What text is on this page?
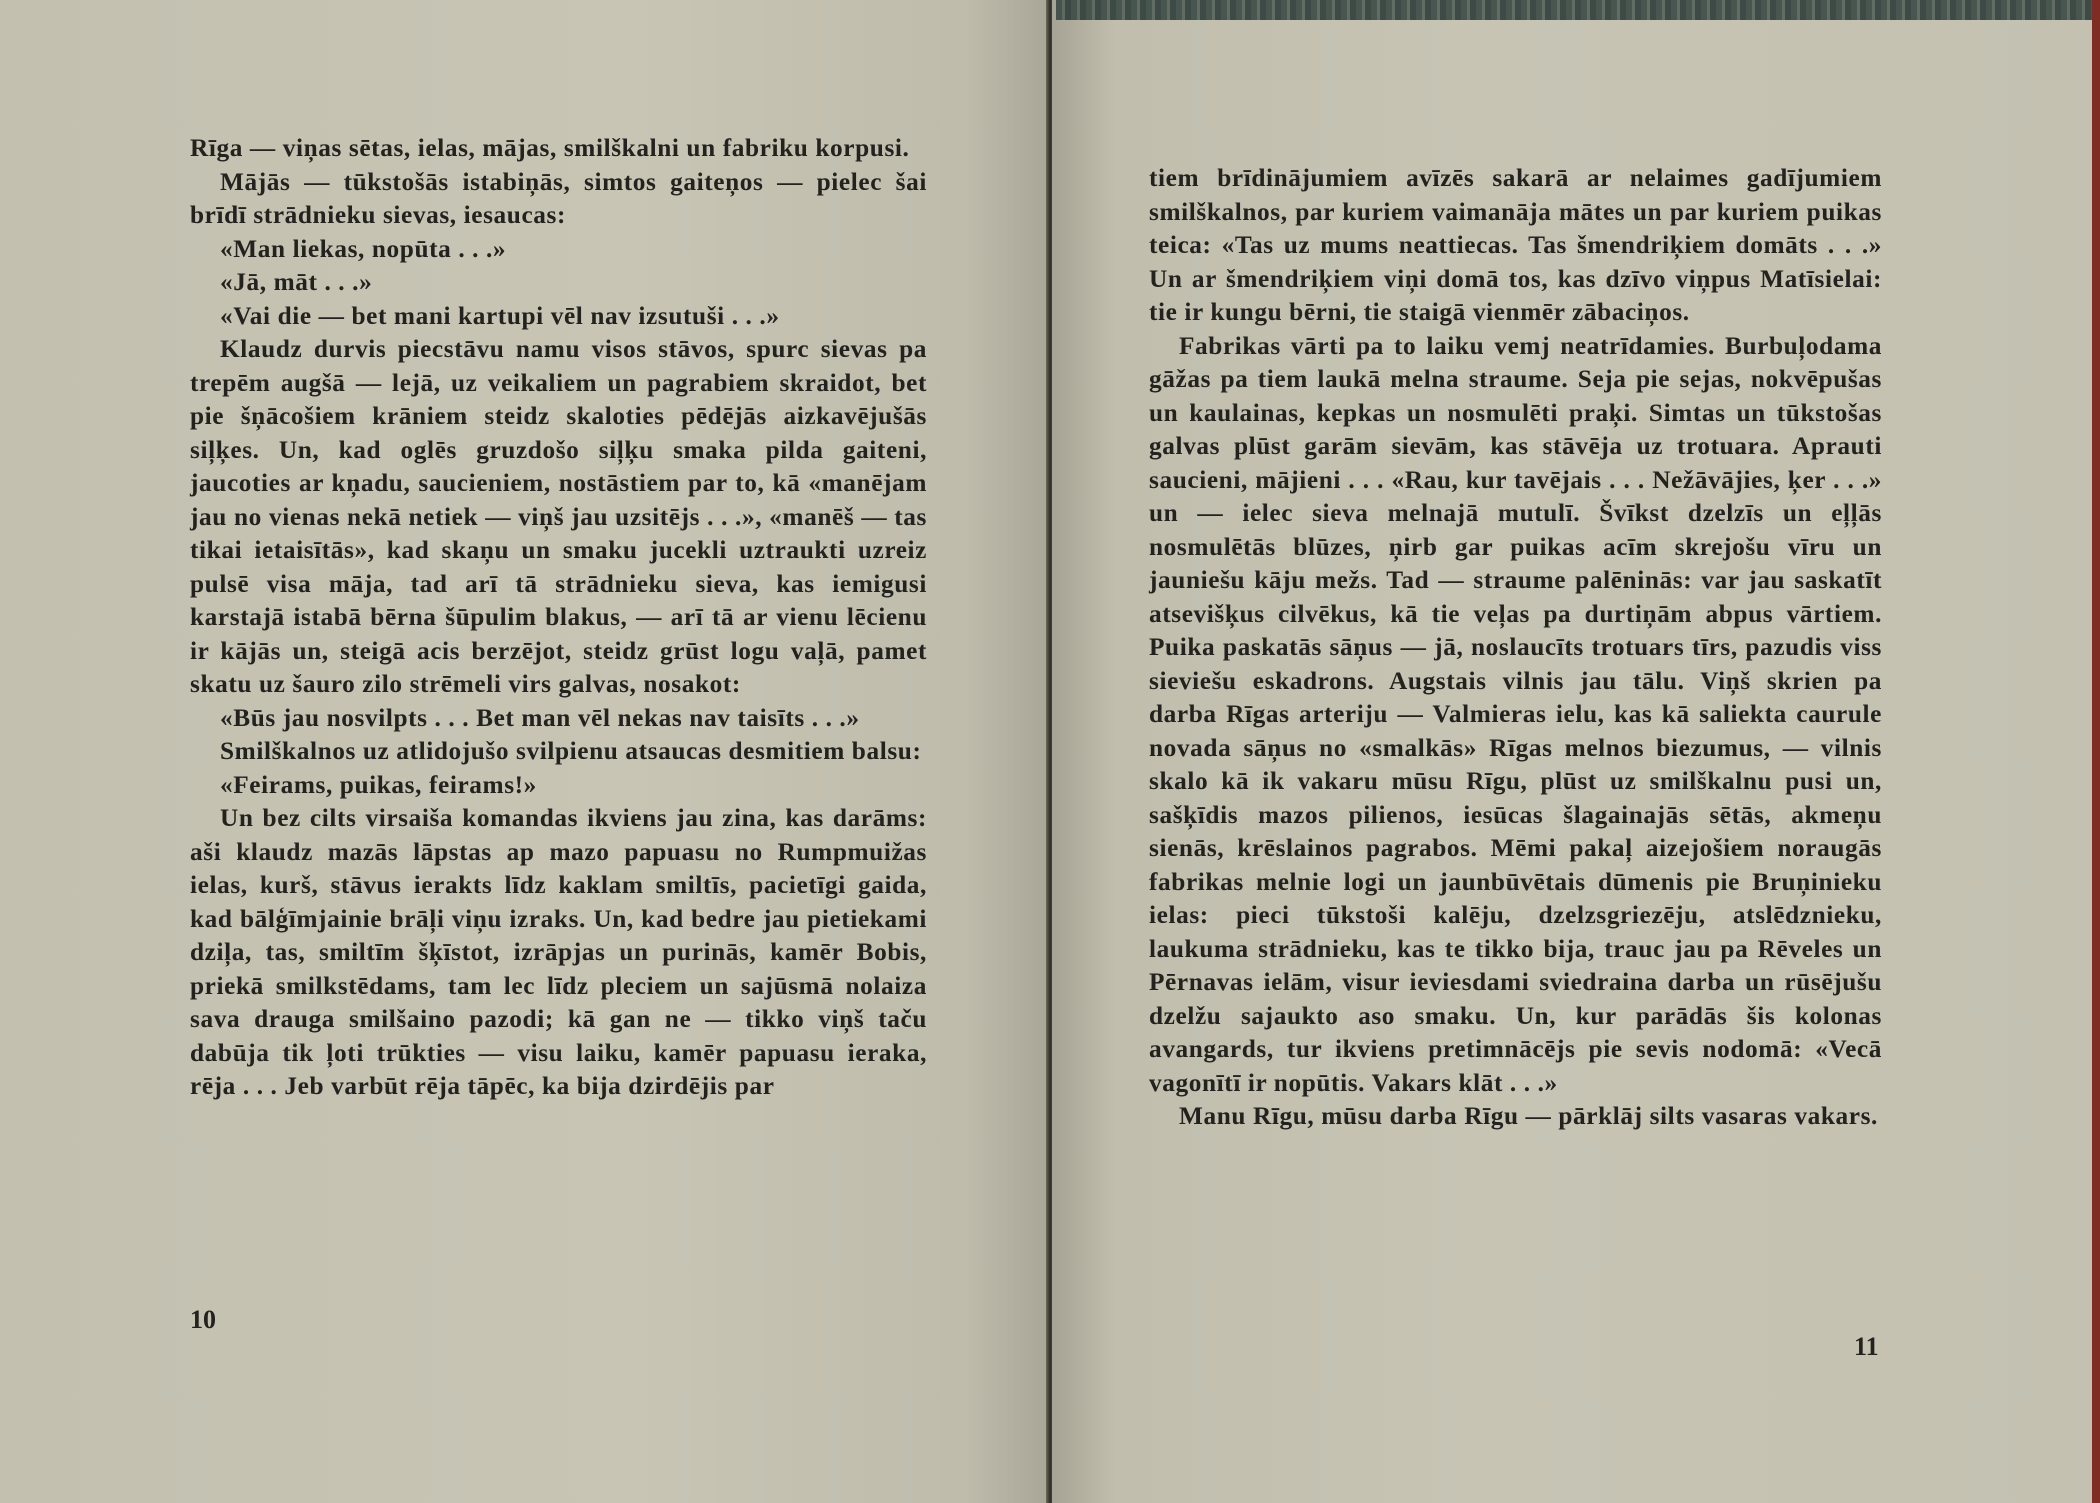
Rīga — viņas sētas, ielas, mājas, smilškalni un fabriku korpusi.

Mājās — tūkstošās istabiņās, simtos gaiteņos — pielec šai brīdī strādnieku sievas, iesaucas:

«Man liekas, nopūta . . .»

«Jā, māt . . .»

«Vai die — bet mani kartupi vēl nav izsutuši . . .»

Klaudz durvis piecstāvu namu visos stāvos, spurc sievas pa trepēm augšā — lejā, uz veikaliem un pagrabiem skraidot, bet pie šņācošiem krāniem steidz skaloties pēdējās aizkavējušās siļķes. Un, kad oglēs gruzdošo siļķu smaka pilda gaiteni, jaucoties ar kņadu, saucieniem, nostāstiem par to, kā «manējam jau no vienas nekā netiek — viņš jau uzsitējs . . .», «manēš — tas tikai ietaisītās», kad skaņu un smaku jucekli uztraukti uzreiz pulsē visa māja, tad arī tā strādnieku sieva, kas iemigusi karstajā istabā bērna šūpulim blakus, — arī tā ar vienu lēcienu ir kājās un, steigā acis berzējot, steidz grūst logu vaļā, pamet skatu uz šauro zilo strēmeli virs galvas, nosakot:

«Būs jau nosvilpts . . . Bet man vēl nekas nav taisīts . . .»

Smilškalnos uz atlidojušo svilpienu atsaucas desmitiem balsu:

«Feirams, puikas, feirams!»

Un bez cilts virsaiša komandas ikviens jau zina, kas darāms: aši klaudz mazās lāpstas ap mazo papuasu no Rumpmuižas ielas, kurš, stāvus ierakts līdz kaklam smiltīs, pacietīgi gaida, kad bālģīmjainie brāļi viņu izraks. Un, kad bedre jau pietiekami dziļa, tas, smiltīm šķīstot, izrāpjas un purinās, kamēr Bobis, priekā smilkstēdams, tam lec līdz pleciem un sajūsmā nolaiza sava drauga smilšaino pazodi; kā gan ne — tikko viņš taču dabūja tik ļoti trūkties — visu laiku, kamēr papuasu ieraka, rēja . . . Jeb varbūt rēja tāpēc, ka bija dzirdējis par

10

tiem brīdinājumiem avīzēs sakarā ar nelaimes gadījumiem smilškalnos, par kuriem vaimanāja mātes un par kuriem puikas teica: «Tas uz mums neattiecas. Tas šmendriķiem domāts . . .» Un ar šmendriķiem viņi domā tos, kas dzīvo viņpus Matīsielai: tie ir kungu bērni, tie staigā vienmēr zābaciņos.

Fabrikas vārti pa to laiku vemj neatrīdamies. Burbuļodama gāžas pa tiem laukā melna straume. Seja pie sejas, nokvēpušas un kaulainas, kepkas un nosmulēti praķi. Simtas un tūkstošas galvas plūst garām sievām, kas stāvēja uz trotuara. Aprauti saucieni, mājieni . . . «Rau, kur tavējais . . . Nežāvājies, ķer . . .» un — ielec sieva melnajā mutulī. Švīkst dzelzīs un eļļās nosmulētās blūzes, ņirb gar puikas acīm skrejošu vīru un jauniešu kāju mežs. Tad — straume palēninās: var jau saskatīt atsevišķus cilvēkus, kā tie veļas pa durtiņām abpus vārtiem. Puika paskatās sāņus — jā, noslaucīts trotuars tīrs, pazudis viss sieviešu eskadrons. Augstais vilnis jau tālu. Viņš skrien pa darba Rīgas arteriju — Valmieras ielu, kas kā saliekta caurule novada sāņus no «smalkās» Rīgas melnos biezumus, — vilnis skalo kā ik vakaru mūsu Rīgu, plūst uz smilškalnu pusi un, sašķīdis mazos pilienos, iesūcas šlagainajās sētās, akmeņu sienās, krēslainos pagrabos. Mēmi pakaļ aizejošiem noraugās fabrikas melnie logi un jaunbūvētais dūmenis pie Bruņinieku ielas: pieci tūkstoši kalēju, dzelzsgriezēju, atslēdznieku, laukuma strādnieku, kas te tikko bija, trauc jau pa Rēveles un Pērnavas ielām, visur ieviesdami sviedraina darba un rūsējušu dzelžu sajaukto aso smaku. Un, kur parādās šis kolonas avangards, tur ikviens pretimnācējs pie sevis nodomā: «Vecā vagonītī ir nopūtis. Vakars klāt . . .»

Manu Rīgu, mūsu darba Rīgu — pārklāj silts vasaras vakars.

11
